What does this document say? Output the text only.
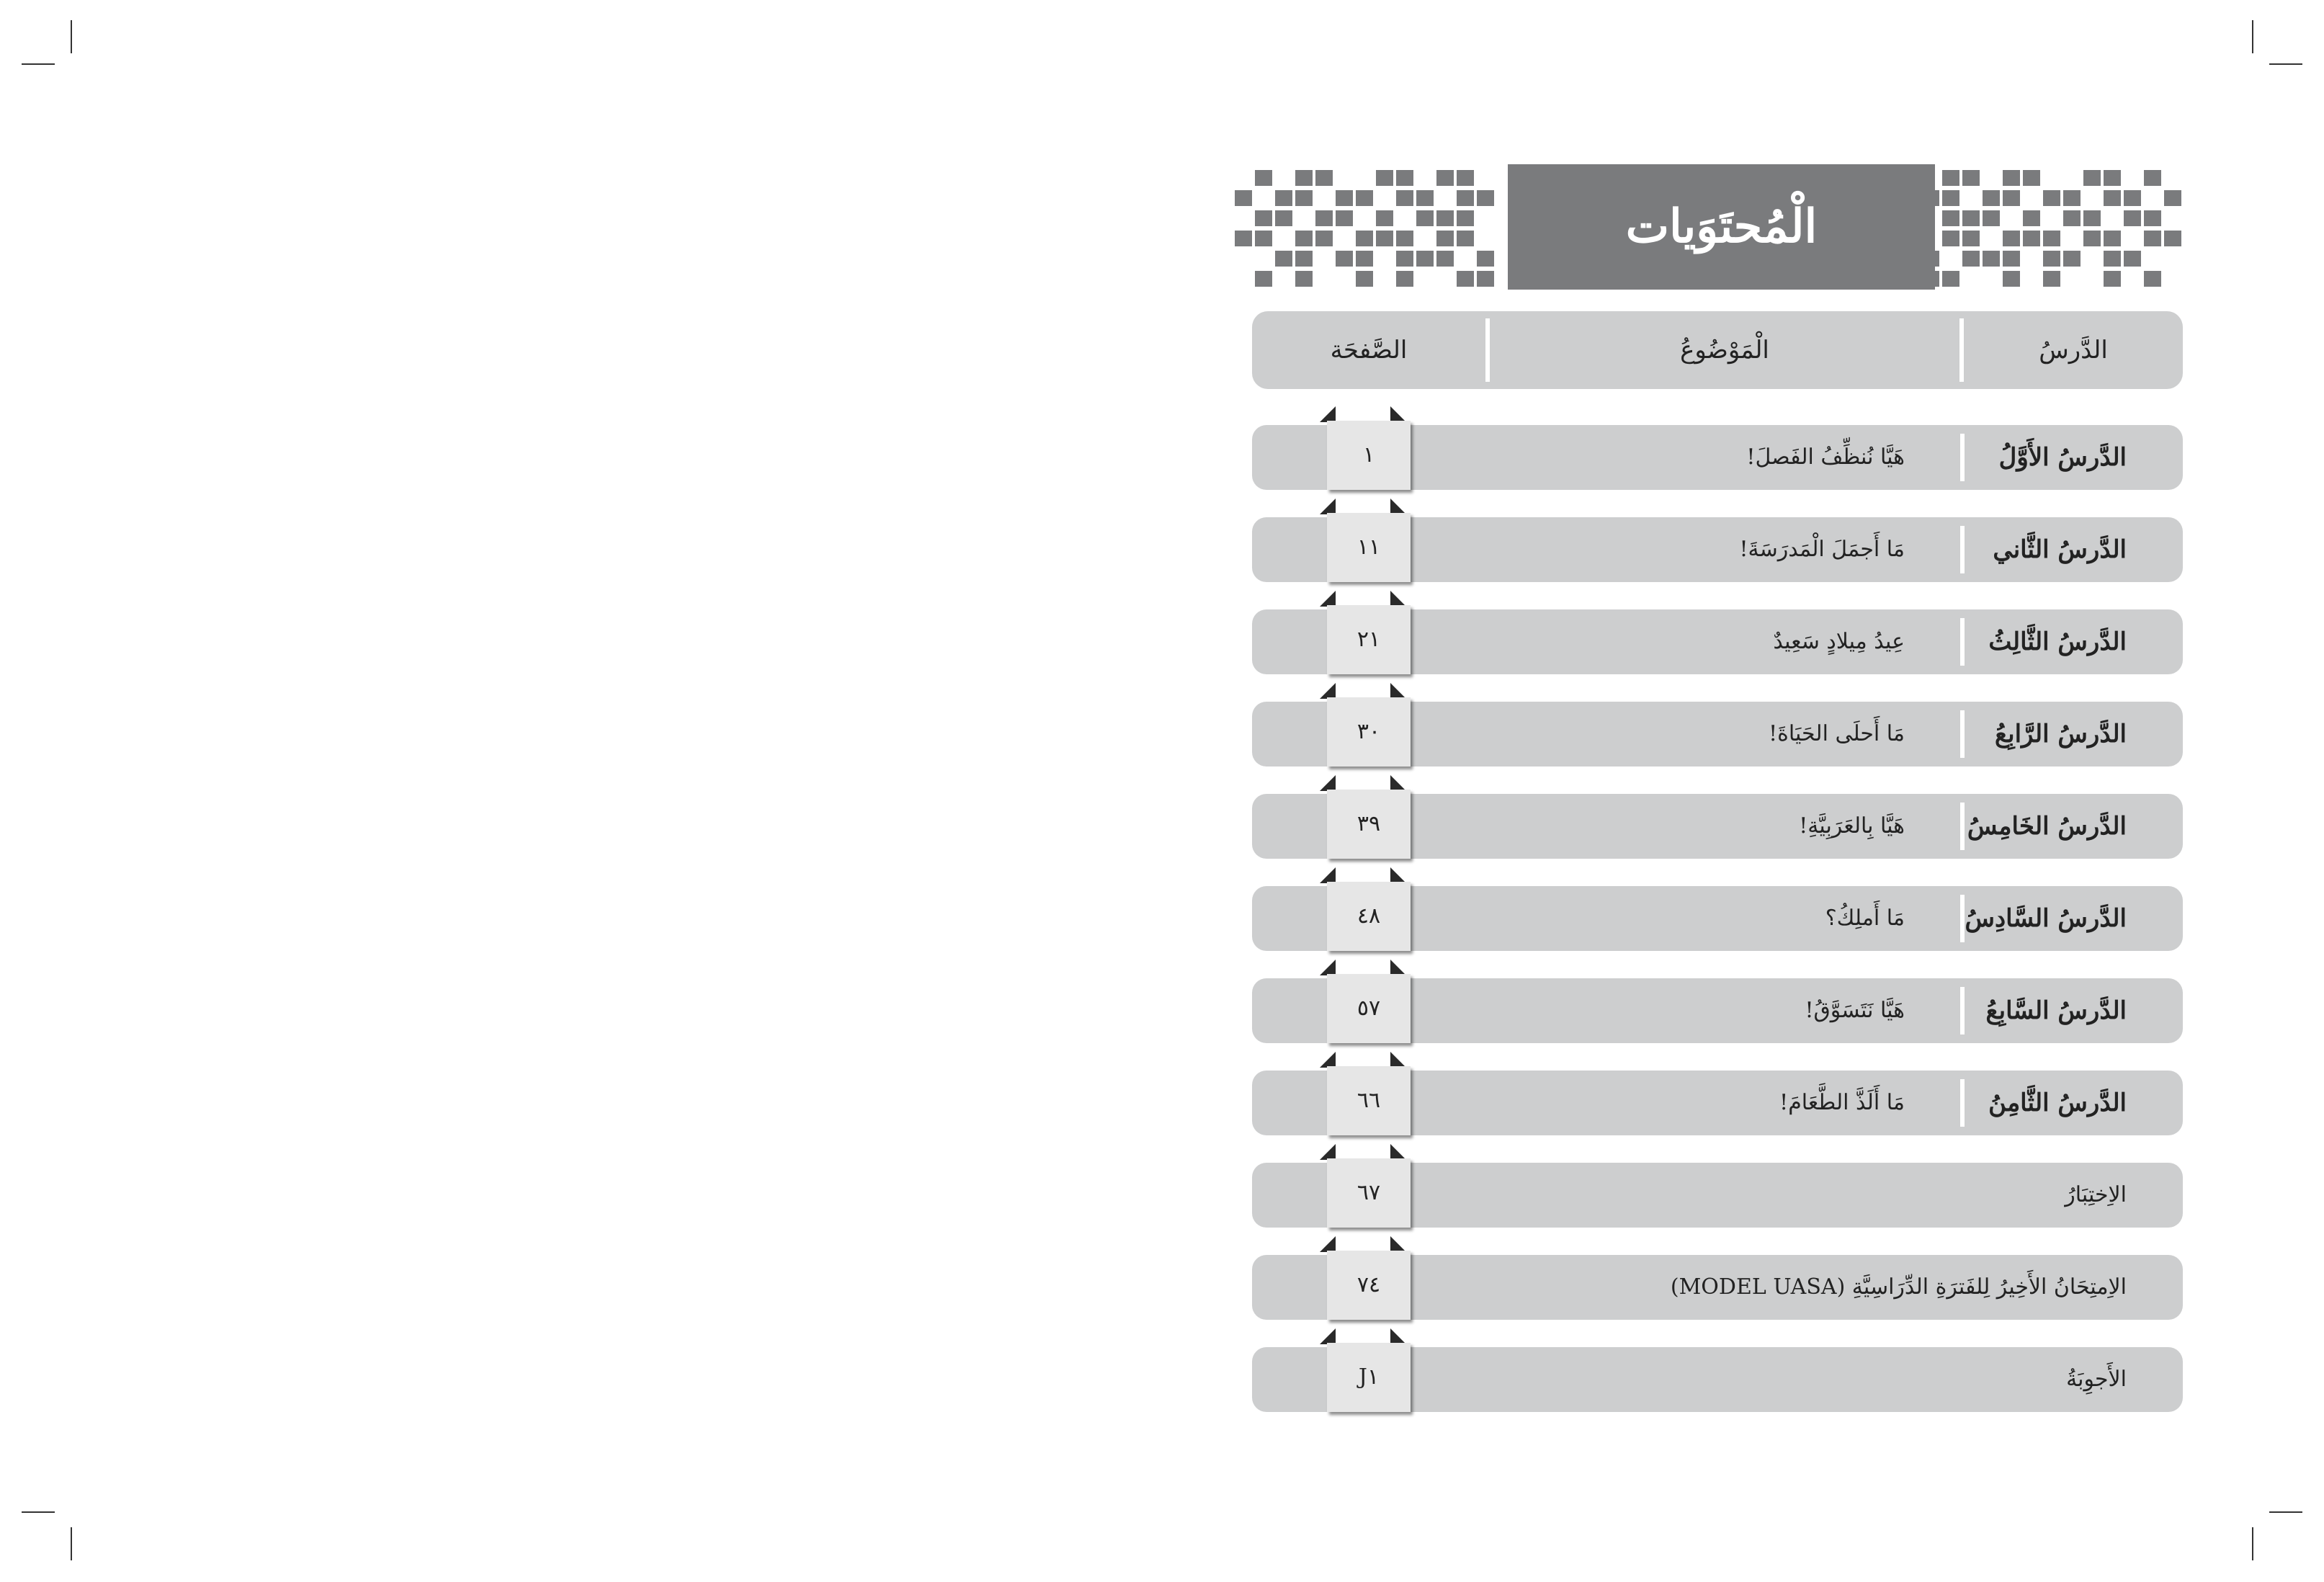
الْمُحتَوَيات
الصَّفحَة	الْمَوْضُوعُ	الدَّرسُ
الدَّرسُ الأَوَّلُ
هَيَّا نُنظِّفُ الفَصلَ!
١
الدَّرسُ الثَّاني
مَا أَجمَلَ الْمَدرَسَةَ!
١١
الدَّرسُ الثَّالِثُ
عِيدُ مِيلادٍ سَعِيدٌ
٢١
الدَّرسُ الرَّابِعُ
مَا أَحلَى الحَيَاةَ!
٣٠
الدَّرسُ الخَامِسُ
هَيَّا بِالعَرَبِيَّةِ!
٣٩
الدَّرسُ السَّادِسُ
مَا أَملِكُ؟
٤٨
الدَّرسُ السَّابِعُ
هَيَّا نَتَسَوَّقُ!
٥٧
الدَّرسُ الثَّامِنُ
مَا أَلَذَّ الطَّعَامَ!
٦٦
الاِختِبَارُ
٦٧
الاِمتِحَانُ الأَخِيرُ لِلفَترَةِ الدِّرَاسِيَّةِ (MODEL UASA)
٧٤
الأَجوِبَةُ
J١
